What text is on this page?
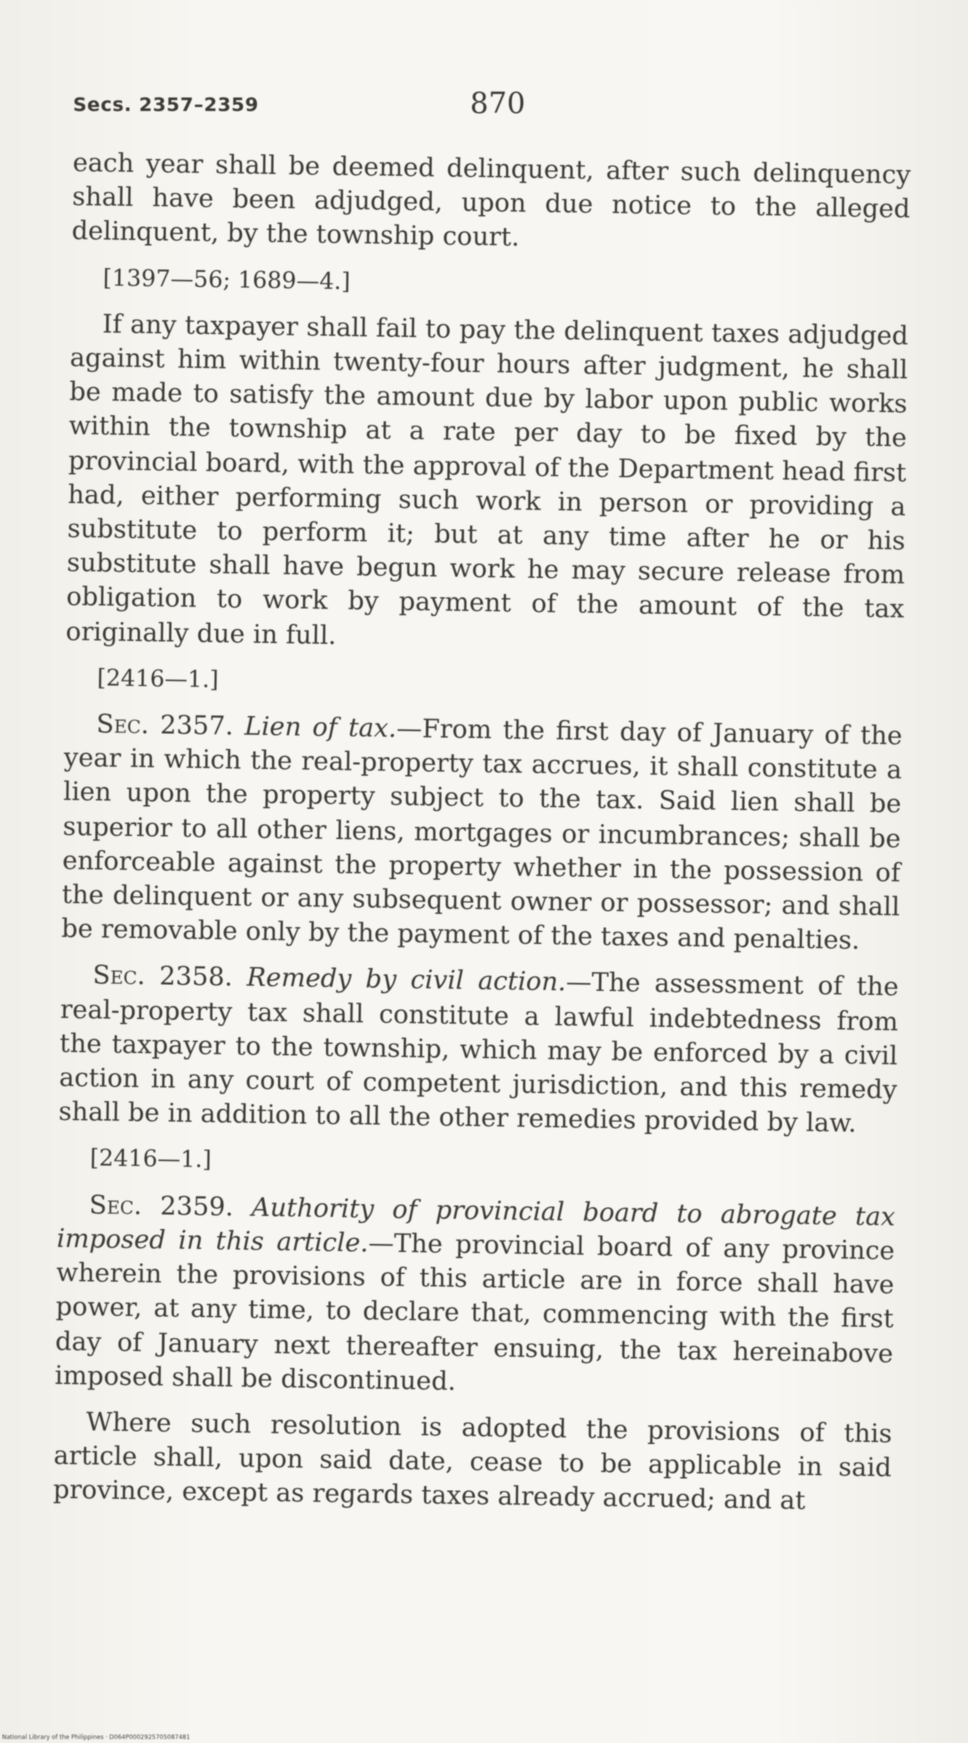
Secs. 2357–2359	870

each year shall be deemed delinquent, after such delinquency shall have been adjudged, upon due notice to the alleged delinquent, by the township court.

[1397—56; 1689—4.]

If any taxpayer shall fail to pay the delinquent taxes adjudged against him within twenty-four hours after judgment, he shall be made to satisfy the amount due by labor upon public works within the township at a rate per day to be fixed by the provincial board, with the approval of the Department head first had, either performing such work in person or providing a substitute to perform it; but at any time after he or his substitute shall have begun work he may secure release from obligation to work by payment of the amount of the tax originally due in full.

[2416—1.]

Sec. 2357. Lien of tax.—From the first day of January of the year in which the real-property tax accrues, it shall constitute a lien upon the property subject to the tax. Said lien shall be superior to all other liens, mortgages or incumbrances; shall be enforceable against the property whether in the possession of the delinquent or any subsequent owner or possessor; and shall be removable only by the payment of the taxes and penalties.

Sec. 2358. Remedy by civil action.—The assessment of the real-property tax shall constitute a lawful indebtedness from the taxpayer to the township, which may be enforced by a civil action in any court of competent jurisdiction, and this remedy shall be in addition to all the other remedies provided by law.

[2416—1.]

Sec. 2359. Authority of provincial board to abrogate tax imposed in this article.—The provincial board of any province wherein the provisions of this article are in force shall have power, at any time, to declare that, commencing with the first day of January next thereafter ensuing, the tax hereinabove imposed shall be discontinued.

Where such resolution is adopted the provisions of this article shall, upon said date, cease to be applicable in said province, except as regards taxes already accrued; and at

National Library of the Philippines · D064P0002925705087481
